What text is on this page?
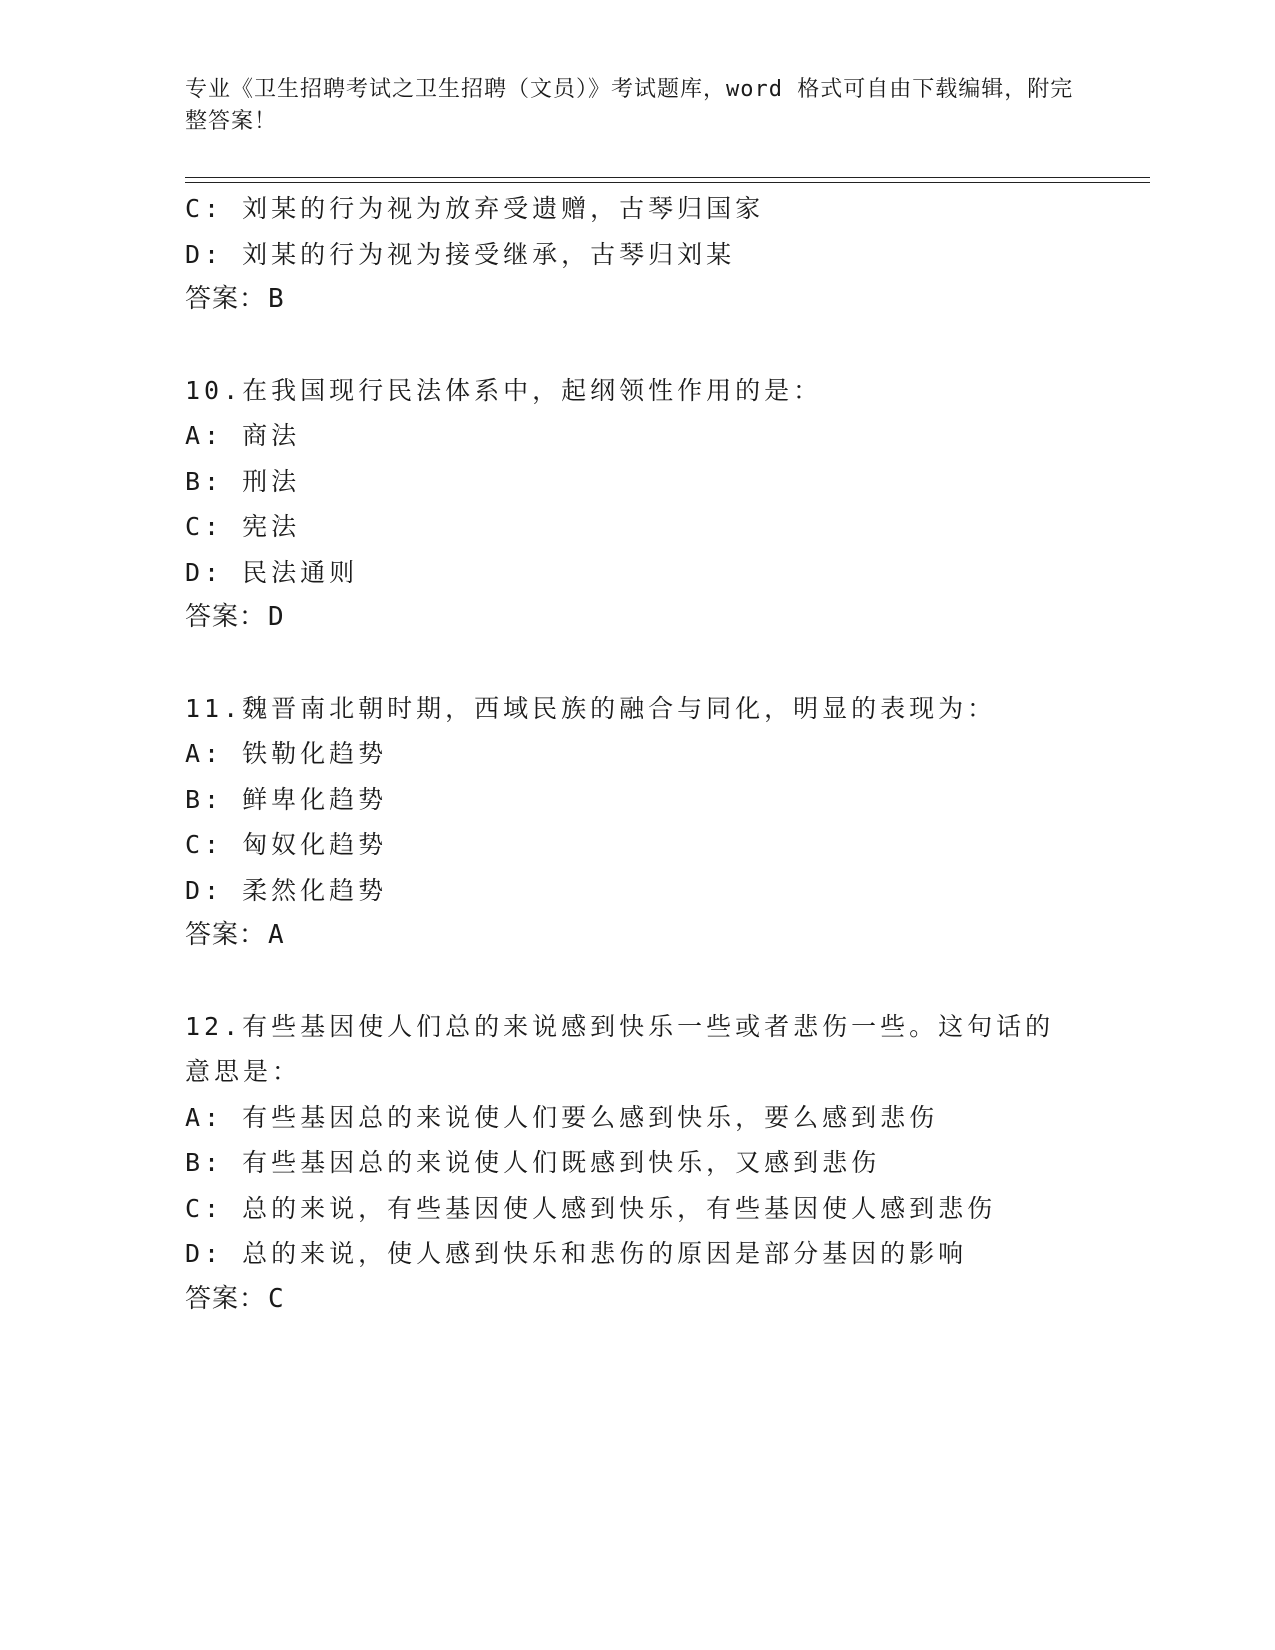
专业《卫生招聘考试之卫生招聘（文员）》考试题库，word 格式可自由下载编辑，附完整答案！
C: 刘某的行为视为放弃受遗赠，古琴归国家
D: 刘某的行为视为接受继承，古琴归刘某
答案：B
10.在我国现行民法体系中，起纲领性作用的是：
A: 商法
B: 刑法
C: 宪法
D: 民法通则
答案：D
11.魏晋南北朝时期，西域民族的融合与同化，明显的表现为：
A: 铁勒化趋势
B: 鲜卑化趋势
C: 匈奴化趋势
D: 柔然化趋势
答案：A
12.有些基因使人们总的来说感到快乐一些或者悲伤一些。这句话的意思是：
A: 有些基因总的来说使人们要么感到快乐，要么感到悲伤
B: 有些基因总的来说使人们既感到快乐，又感到悲伤
C: 总的来说，有些基因使人感到快乐，有些基因使人感到悲伤
D: 总的来说，使人感到快乐和悲伤的原因是部分基因的影响
答案：C
